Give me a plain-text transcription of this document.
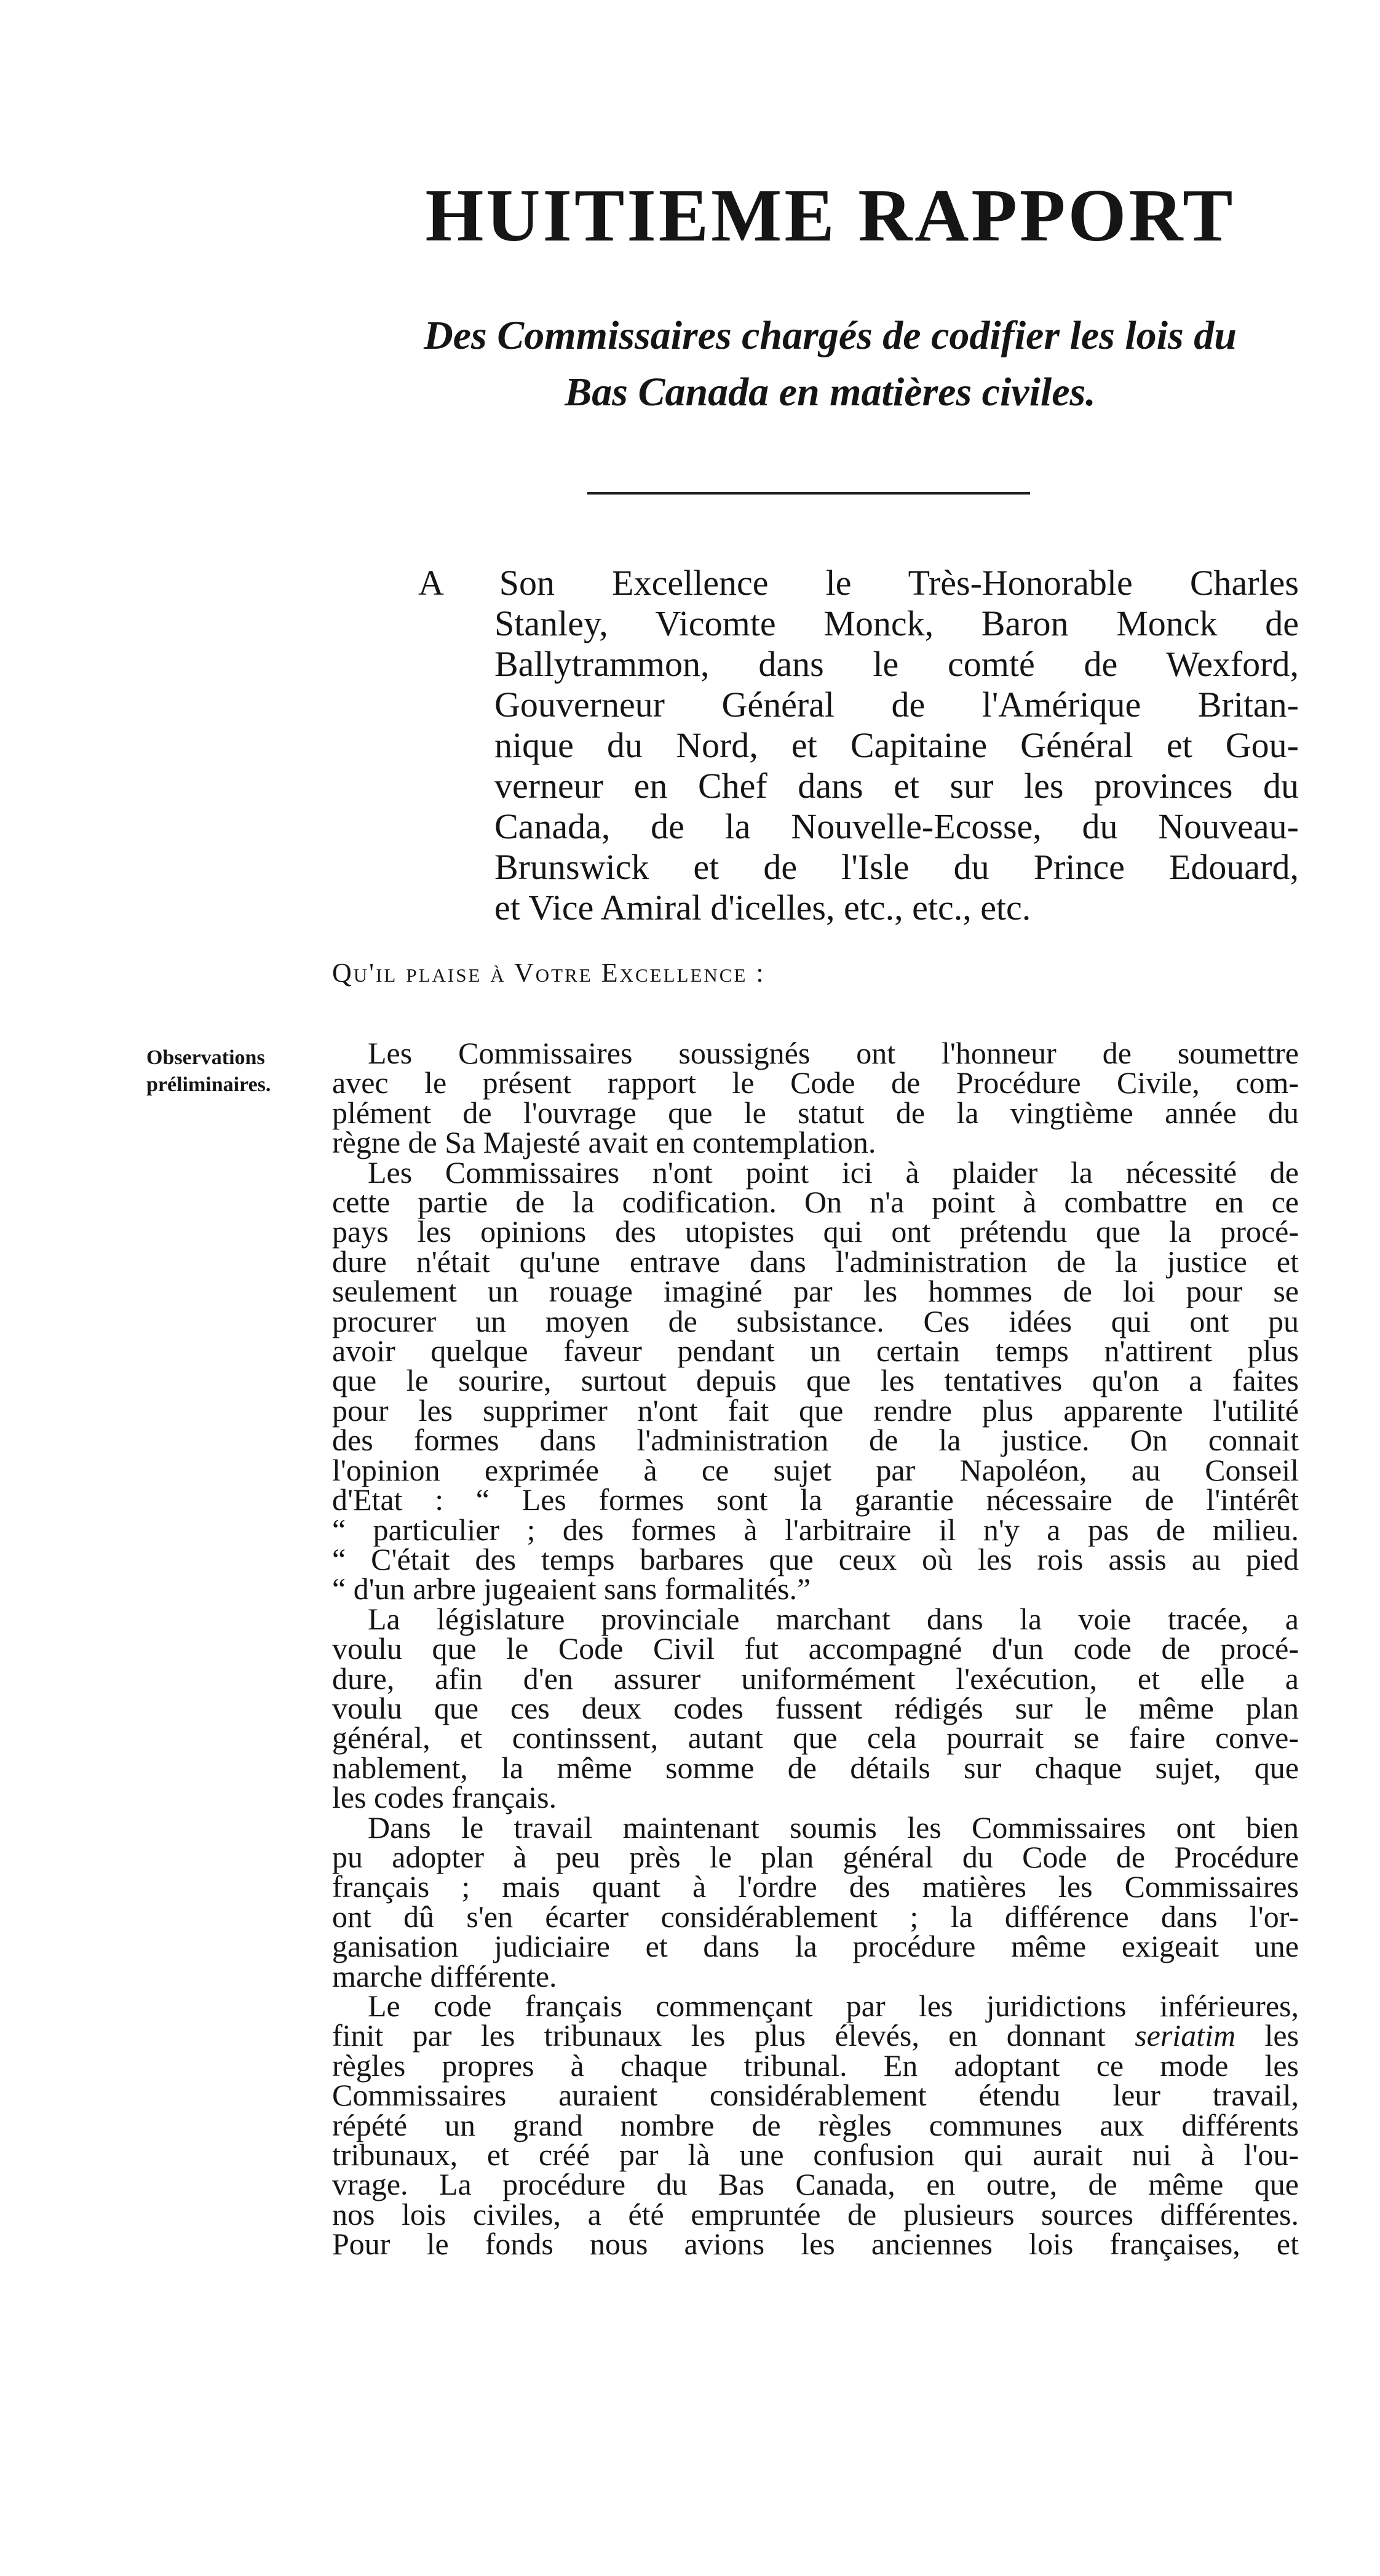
HUITIEME RAPPORT
Des Commissaires chargés de codifier les lois du
Bas Canada en matières civiles.
A Son Excellence le Très-Honorable Charles
Stanley, Vicomte Monck, Baron Monck de
Ballytrammon, dans le comté de Wexford,
Gouverneur Général de l'Amérique Britan-
nique du Nord, et Capitaine Général et Gou-
verneur en Chef dans et sur les provinces du
Canada, de la Nouvelle-Ecosse, du Nouveau-
Brunswick et de l'Isle du Prince Edouard,
et Vice Amiral d'icelles, etc., etc., etc.

Qu'il plaise à Votre Excellence :

Observations
préliminaires.
Les Commissaires soussignés ont l'honneur de soumettre
avec le présent rapport le Code de Procédure Civile, com-
plément de l'ouvrage que le statut de la vingtième année du
règne de Sa Majesté avait en contemplation.
Les Commissaires n'ont point ici à plaider la nécessité de
cette partie de la codification. On n'a point à combattre en ce
pays les opinions des utopistes qui ont prétendu que la procé-
dure n'était qu'une entrave dans l'administration de la justice et
seulement un rouage imaginé par les hommes de loi pour se
procurer un moyen de subsistance. Ces idées qui ont pu
avoir quelque faveur pendant un certain temps n'attirent plus
que le sourire, surtout depuis que les tentatives qu'on a faites
pour les supprimer n'ont fait que rendre plus apparente l'utilité
des formes dans l'administration de la justice. On connait
l'opinion exprimée à ce sujet par Napoléon, au Conseil
d'Etat : “ Les formes sont la garantie nécessaire de l'intérêt
“ particulier ; des formes à l'arbitraire il n'y a pas de milieu.
“ C'était des temps barbares que ceux où les rois assis au pied
“ d'un arbre jugeaient sans formalités.”
La législature provinciale marchant dans la voie tracée, a
voulu que le Code Civil fut accompagné d'un code de procé-
dure, afin d'en assurer uniformément l'exécution, et elle a
voulu que ces deux codes fussent rédigés sur le même plan
général, et continssent, autant que cela pourrait se faire conve-
nablement, la même somme de détails sur chaque sujet, que
les codes français.
Dans le travail maintenant soumis les Commissaires ont bien
pu adopter à peu près le plan général du Code de Procédure
français ; mais quant à l'ordre des matières les Commissaires
ont dû s'en écarter considérablement ; la différence dans l'or-
ganisation judiciaire et dans la procédure même exigeait une
marche différente.
Le code français commençant par les juridictions inférieures,
finit par les tribunaux les plus élevés, en donnant seriatim les
règles propres à chaque tribunal. En adoptant ce mode les
Commissaires auraient considérablement étendu leur travail,
répété un grand nombre de règles communes aux différents
tribunaux, et créé par là une confusion qui aurait nui à l'ou-
vrage. La procédure du Bas Canada, en outre, de même que
nos lois civiles, a été empruntée de plusieurs sources différentes.
Pour le fonds nous avions les anciennes lois françaises, et
